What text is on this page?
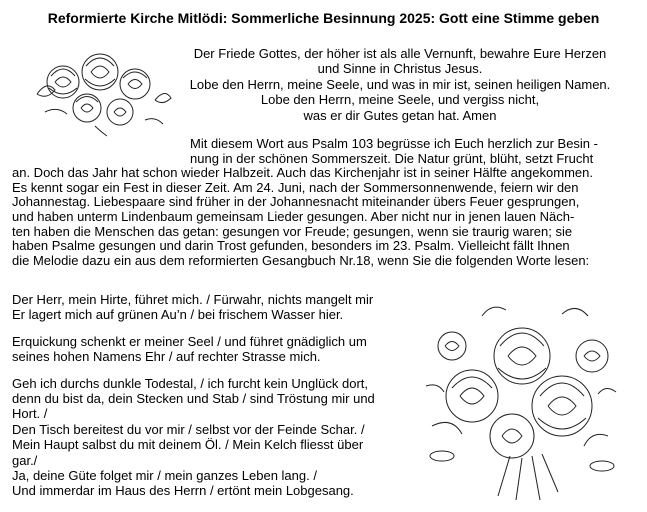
Reformierte Kirche Mitlödi: Sommerliche Besinnung 2025: Gott eine Stimme geben
Der Friede Gottes, der höher ist als alle Vernunft, bewahre Eure Herzen
und Sinne in Christus Jesus.
Lobe den Herrn, meine Seele, und was in mir ist, seinen heiligen Namen.
Lobe den Herrn, meine Seele, und vergiss nicht,
was er dir Gutes getan hat. Amen
Mit diesem Wort aus Psalm 103 begrüsse ich Euch herzlich zur Besin -
nung in der schönen Sommerszeit. Die Natur grünt, blüht, setzt Frucht
an. Doch das Jahr hat schon wieder Halbzeit. Auch das Kirchenjahr ist in seiner Hälfte angekommen.
Es kennt sogar ein Fest in dieser Zeit. Am 24. Juni, nach der Sommersonnenwende, feiern wir den
Johannestag. Liebespaare sind früher in der Johannesnacht miteinander übers Feuer gesprungen,
und haben unterm Lindenbaum gemeinsam Lieder gesungen. Aber nicht nur in jenen lauen Näch-
ten haben die Menschen das getan: gesungen vor Freude; gesungen, wenn sie traurig waren; sie
haben Psalme gesungen und darin Trost gefunden, besonders im 23. Psalm. Vielleicht fällt Ihnen
die Melodie dazu ein aus dem reformierten Gesangbuch Nr.18, wenn Sie die folgenden Worte lesen:
Der Herr, mein Hirte, führet mich. / Fürwahr, nichts mangelt mir
Er lagert mich auf grünen Au’n / bei frischem Wasser hier.
Erquickung schenkt er meiner Seel / und führet gnädiglich um
seines hohen Namens Ehr / auf rechter Strasse mich.
Geh ich durchs dunkle Todestal, / ich furcht kein Unglück dort,
denn du bist da, dein Stecken und Stab / sind Tröstung mir und
Hort. /
Den Tisch bereitest du vor mir / selbst vor der Feinde Schar. /
Mein Haupt salbst du mit deinem Öl. / Mein Kelch fliesst über
gar./
Ja, deine Güte folget mir / mein ganzes Leben lang. /
Und immerdar im Haus des Herrn / ertönt mein Lobgesang.
